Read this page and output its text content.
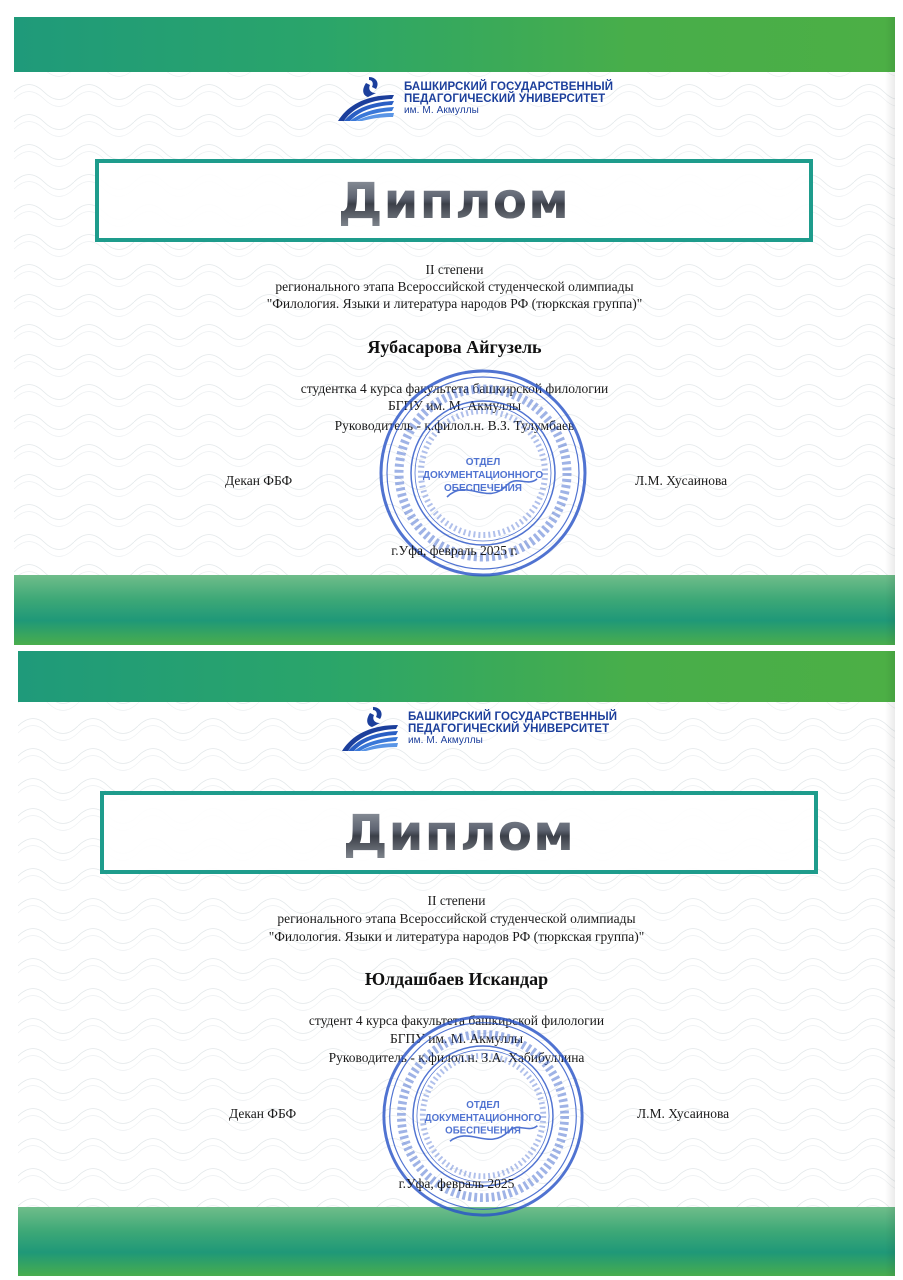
БАШКИРСКИЙ ГОСУДАРСТВЕННЫЙ
ПЕДАГОГИЧЕСКИЙ УНИВЕРСИТЕТ
им. М. Акмуллы
Диплом
II степени
регионального этапа Всероссийской студенческой олимпиады
"Филология. Языки и литература народов РФ (тюркская группа)"
Яубасарова Айгузель
студентка 4 курса факультета башкирской филологии
БГПУ им. М. Акмуллы
Руководитель - к.филол.н. В.З. Тулумбаев
Декан ФБФ	Л.М. Хусаинова
ОТДЕЛ
ДОКУМЕНТАЦИОННОГО
ОБЕСПЕЧЕНИЯ
г.Уфа, февраль 2025 г.
БАШКИРСКИЙ ГОСУДАРСТВЕННЫЙ
ПЕДАГОГИЧЕСКИЙ УНИВЕРСИТЕТ
им. М. Акмуллы
Диплом
II степени
регионального этапа Всероссийской студенческой олимпиады
"Филология. Языки и литература народов РФ (тюркская группа)"
Юлдашбаев Искандар
студент 4 курса факультета башкирской филологии
БГПУ им. М. Акмуллы
Руководитель - к.филол.н. З.А. Хабибуллина
Декан ФБФ	Л.М. Хусаинова
ОТДЕЛ
ДОКУМЕНТАЦИОННОГО
ОБЕСПЕЧЕНИЯ
г.Уфа, февраль 2025
